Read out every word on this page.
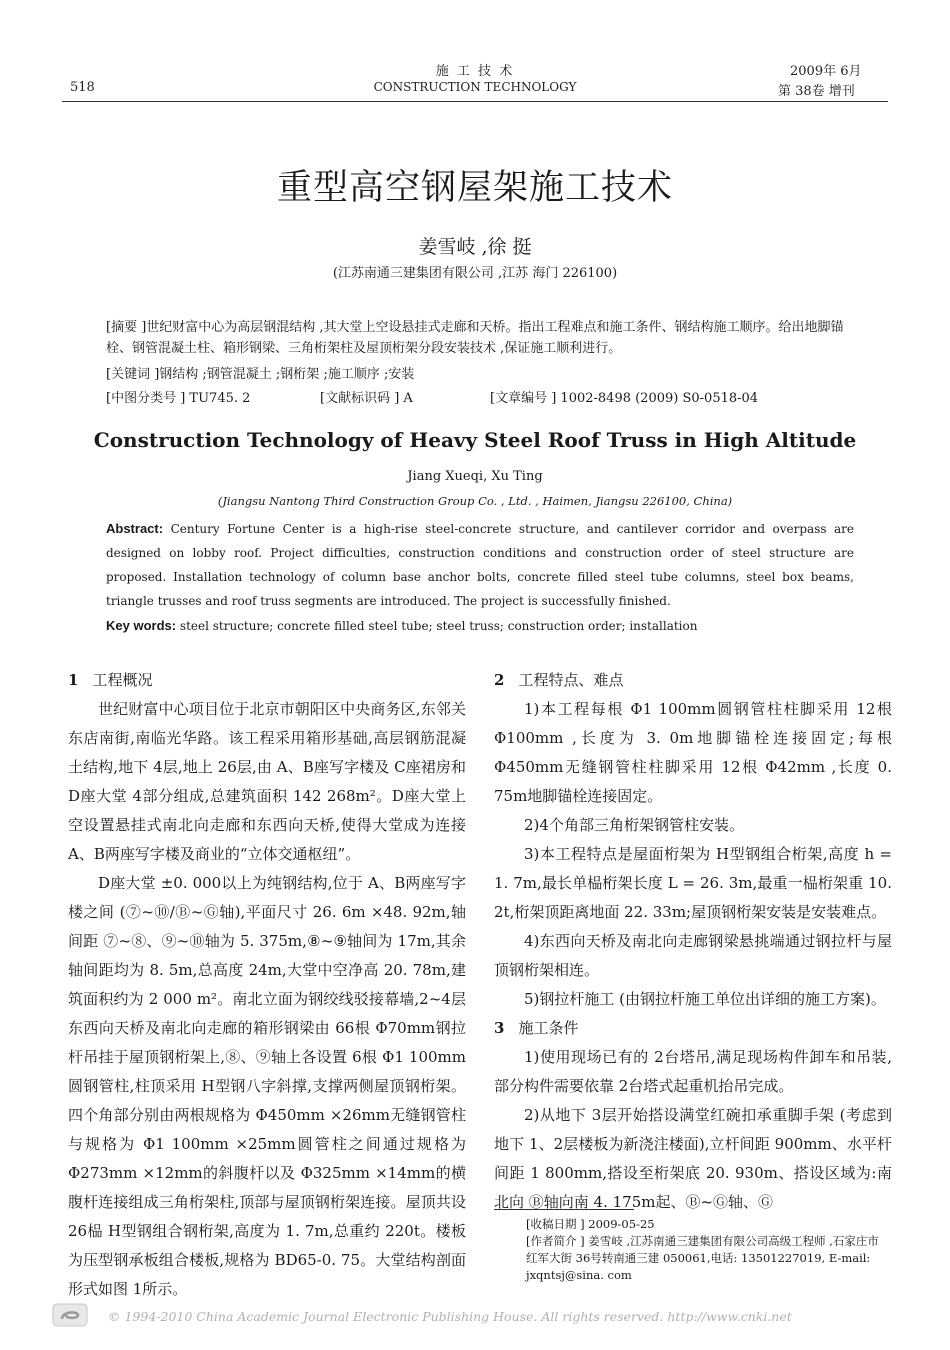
518
施 工 技 术
CONSTRUCTION TECHNOLOGY
2009年 6月
第 38卷 增刊
重型高空钢屋架施工技术
姜雪岐 ,徐 挺
(江苏南通三建集团有限公司 ,江苏 海门 226100)
[摘要 ]世纪财富中心为高层钢混结构 ,其大堂上空设悬挂式走廊和天桥。指出工程难点和施工条件、钢结构施工顺序。给出地脚锚栓、钢管混凝土柱、箱形钢梁、三角桁架柱及屋顶桁架分段安装技术 ,保证施工顺利进行。
[关键词 ]钢结构 ;钢管混凝土 ;钢桁架 ;施工顺序 ;安装
[中图分类号 ] TU745. 2	[文献标识码 ] A	[文章编号 ] 1002-8498 (2009) S0-0518-04
Construction Technology of Heavy Steel Roof Truss in High Altitude
Jiang Xueqi, Xu Ting
(Jiangsu Nantong Third Construction Group Co. , Ltd. , Haimen, Jiangsu 226100, China)
Abstract: Century Fortune Center is a high-rise steel-concrete structure, and cantilever corridor and overpass are designed on lobby roof. Project difficulties, construction conditions and construction order of steel structure are proposed. Installation technology of column base anchor bolts, concrete filled steel tube columns, steel box beams, triangle trusses and roof truss segments are introduced. The project is successfully finished.
Key words: steel structure; concrete filled steel tube; steel truss; construction order; installation
1 工程概况

世纪财富中心项目位于北京市朝阳区中央商务区,东邻关东店南街,南临光华路。该工程采用箱形基础,高层钢筋混凝土结构,地下 4层,地上 26层,由 A、B座写字楼及 C座裙房和 D座大堂 4部分组成,总建筑面积 142 268m²。D座大堂上空设置悬挂式南北向走廊和东西向天桥,使得大堂成为连接 A、B两座写字楼及商业的“立体交通枢纽”。

D座大堂 ±0. 000以上为纯钢结构,位于 A、B两座写字楼之间 (⑦~⑩/Ⓑ~Ⓖ轴),平面尺寸 26. 6m ×48. 92m,轴间距 ⑦~⑧、⑨~⑩轴为 5. 375m,⑧~⑨轴间为 17m,其余轴间距均为 8. 5m,总高度 24m,大堂中空净高 20. 78m,建筑面积约为 2 000 m²。南北立面为钢绞线驳接幕墙,2~4层东西向天桥及南北向走廊的箱形钢梁由 66根 Φ70mm钢拉杆吊挂于屋顶钢桁架上,⑧、⑨轴上各设置 6根 Φ1 100mm圆钢管柱,柱顶采用 H型钢八字斜撑,支撑两侧屋顶钢桁架。四个角部分别由两根规格为 Φ450mm ×26mm无缝钢管柱与规格为 Φ1 100mm ×25mm圆管柱之间通过规格为 Φ273mm ×12mm的斜腹杆以及 Φ325mm ×14mm的横腹杆连接组成三角桁架柱,顶部与屋顶钢桁架连接。屋顶共设 26榀 H型钢组合钢桁架,高度为 1. 7m,总重约 220t。楼板为压型钢承板组合楼板,规格为 BD65-0. 75。大堂结构剖面形式如图 1所示。

2 工程特点、难点

1)本工程每根 Φ1 100mm圆钢管柱柱脚采用 12根 Φ100mm ,长度为 3. 0m地脚锚栓连接固定;每根 Φ450mm无缝钢管柱柱脚采用 12根 Φ42mm ,长度 0. 75m地脚锚栓连接固定。

2)4个角部三角桁架钢管柱安装。

3)本工程特点是屋面桁架为 H型钢组合桁架,高度 h = 1. 7m,最长单榀桁架长度 L = 26. 3m,最重一榀桁架重 10. 2t,桁架顶距离地面 22. 33m;屋顶钢桁架安装是安装难点。

4)东西向天桥及南北向走廊钢梁悬挑端通过钢拉杆与屋顶钢桁架相连。

5)钢拉杆施工 (由钢拉杆施工单位出详细的施工方案)。

3 施工条件

1)使用现场已有的 2台塔吊,满足现场构件卸车和吊装,部分构件需要依靠 2台塔式起重机抬吊完成。

2)从地下 3层开始搭设满堂红碗扣承重脚手架 (考虑到地下 1、2层楼板为新浇注楼面),立杆间距 900mm、水平杆间距 1 800mm,搭设至桁架底 20. 930m、搭设区域为:南北向 Ⓑ轴向南 4. 175m起、Ⓑ~Ⓖ轴、Ⓖ

[收稿日期 ] 2009-05-25
[作者简介 ] 姜雪岐 ,江苏南通三建集团有限公司高级工程师 ,石家庄市红军大街 36号转南通三建 050061,电话: 13501227019, E-mail: jxqntsj@sina. com
© 1994-2010 China Academic Journal Electronic Publishing House. All rights reserved. http://www.cnki.net
